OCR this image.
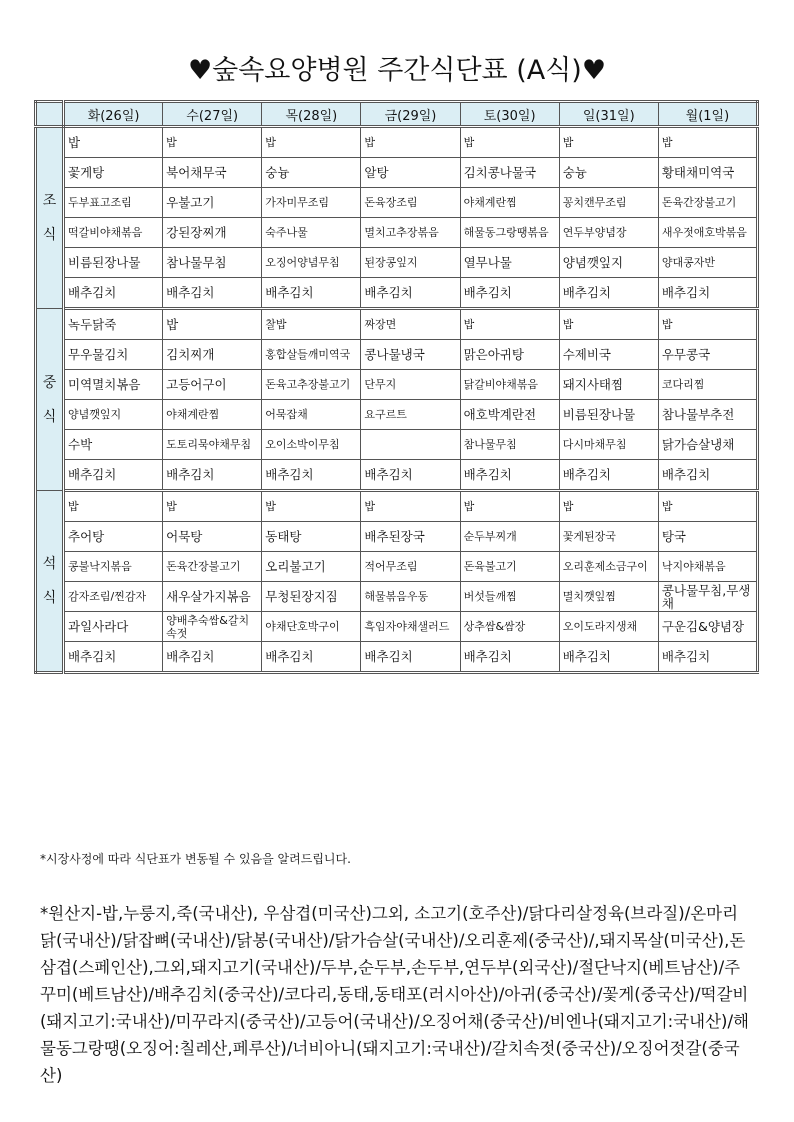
♥숲속요양병원 주간식단표 (A식)♥
	화(26일)	수(27일)	목(28일)	금(29일)	토(30일)	일(31일)	월(1일)
조
식	밥	밥	밥	밥	밥	밥	밥
	꽃게탕	북어채무국	숭늉	알탕	김치콩나물국	숭늉	황태채미역국
	두부표고조림	우불고기	가자미무조림	돈육장조림	야채계란찜	꽁치캔무조림	돈육간장불고기
	떡갈비야채볶음	강된장찌개	숙주나물	멸치고추장볶음	해물동그랑땡볶음	연두부양념장	새우젓애호박볶음
	비름된장나물	참나물무침	오징어양념무침	된장콩잎지	열무나물	양념깻잎지	양대콩자반
	배추김치	배추김치	배추김치	배추김치	배추김치	배추김치	배추김치
중
식	녹두닭죽	밥	찰밥	짜장면	밥	밥	밥
	무우물김치	김치찌개	홍합살들깨미역국	콩나물냉국	맑은아귀탕	수제비국	우무콩국
	미역멸치볶음	고등어구이	돈육고추장불고기	단무지	닭갈비야채볶음	돼지사태찜	코다리찜
	양념깻잎지	야채계란찜	어묵잡채	요구르트	애호박계란전	비름된장나물	참나물부추전
	수박	도토리묵야채무침	오이소박이무침		참나물무침	다시마채무침	닭가슴살냉채
	배추김치	배추김치	배추김치	배추김치	배추김치	배추김치	배추김치
석
식	밥	밥	밥	밥	밥	밥	밥
	추어탕	어묵탕	동태탕	배추된장국	순두부찌개	꽃게된장국	탕국
	콩불낙지볶음	돈육간장불고기	오리불고기	적어무조림	돈육불고기	오리훈제소금구이	낙지야채볶음
	감자조림/찐감자	새우살가지볶음	무청된장지짐	해물볶음우동	버섯들깨찜	멸치깻잎찜	콩나물무침,무생채
	과일사라다	양배추숙쌈&갈치속젓	야채단호박구이	흑임자야채샐러드	상추쌈&쌈장	오이도라지생채	구운김&양념장
	배추김치	배추김치	배추김치	배추김치	배추김치	배추김치	배추김치
*시장사정에 따라 식단표가 변동될 수 있음을 알려드립니다.
*원산지-밥,누룽지,죽(국내산), 우삼겹(미국산)그외, 소고기(호주산)/닭다리살정육(브라질)/온마리닭(국내산)/닭잡뼈(국내산)/닭봉(국내산)/닭가슴살(국내산)/오리훈제(중국산)/,돼지목살(미국산),돈삼겹(스페인산),그외,돼지고기(국내산)/두부,순두부,손두부,연두부(외국산)/절단낙지(베트남산)/주꾸미(베트남산)/배추김치(중국산)/코다리,동태,동태포(러시아산)/아귀(중국산)/꽃게(중국산)/떡갈비(돼지고기:국내산)/미꾸라지(중국산)/고등어(국내산)/오징어채(중국산)/비엔나(돼지고기:국내산)/해물동그랑땡(오징어:칠레산,페루산)/너비아니(돼지고기:국내산)/갈치속젓(중국산)/오징어젓갈(중국산)
